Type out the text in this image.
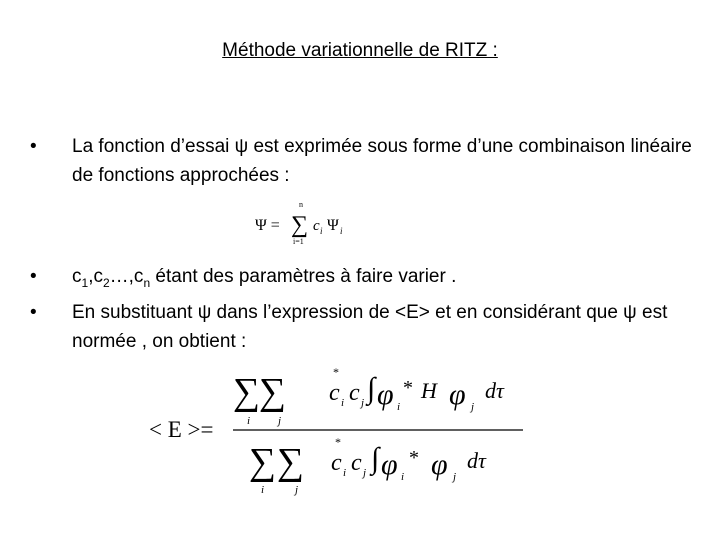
Méthode variationnelle de RITZ :
• La fonction d’essai ψ est exprimée sous forme d’une combinaison linéaire de fonctions approchées :
Ψ =
n
∑
i=1
c i Ψ i
• $c_1,c_2\dots,c_n$ étant des paramètres à faire varier .
• En substituant ψ dans l’expression de <E> et en considérant que ψ est normée , on obtient :
< E >=
∑
∑
i	j
*
c i c j ∫ φ i
* H φ j
dτ
∑ ∑
i	j
*
c i c j ∫ φ i
* φ j
dτ
